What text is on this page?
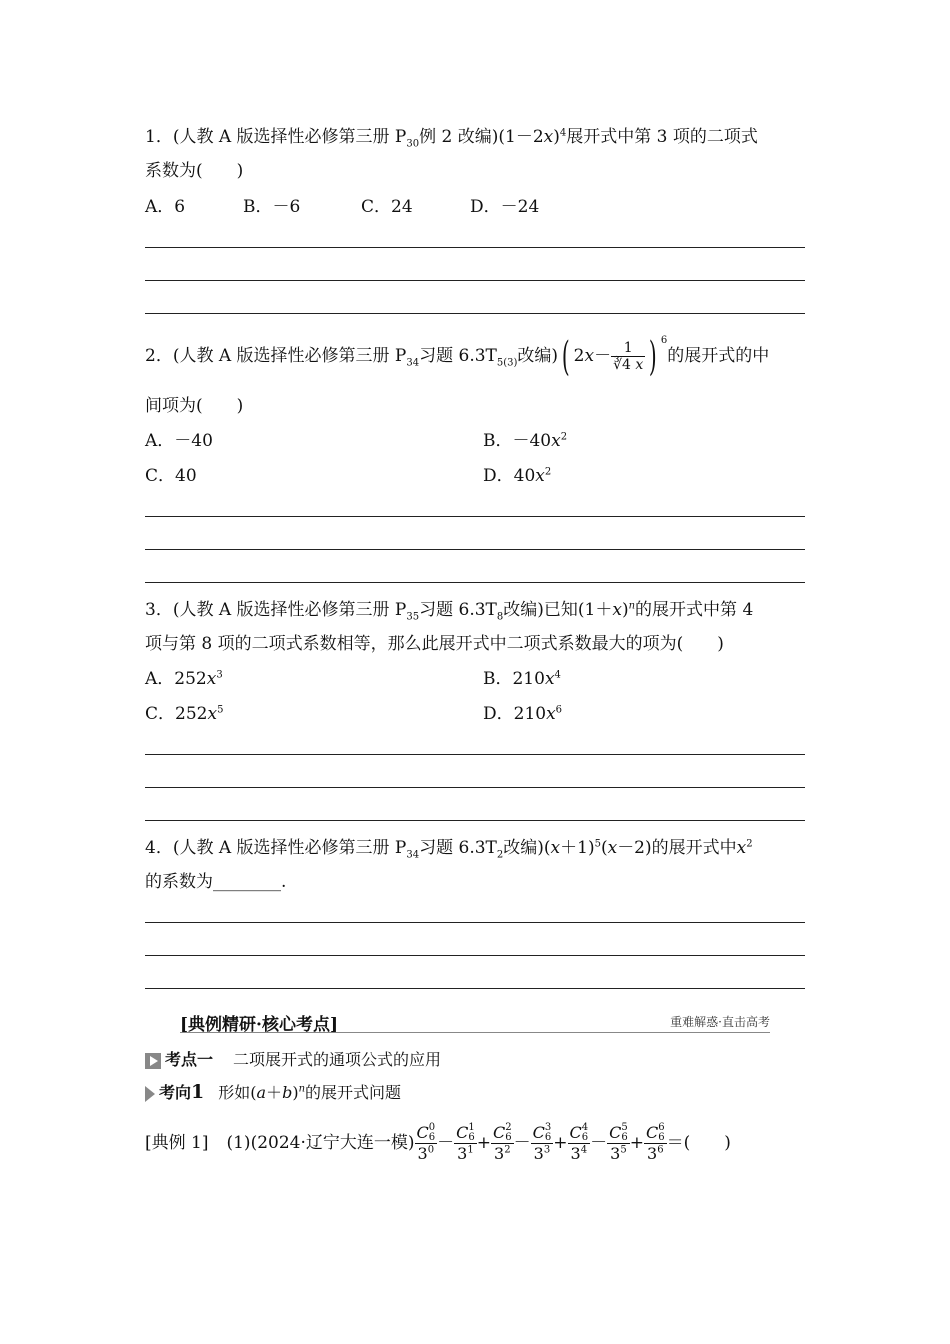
1．(人教 A 版选择性必修第三册 $P_{30}$例 2 改编)$(1-2x)^4$展开式中第 3 项的二项式
系数为(　　)
A．6	B．－6	C．24	D．－24
2．(人教 A 版选择性必修第三册 $P_{34}$习题 $6.3T_{5(3)}$改编)( $2x- \frac{1}{∛4 x}$ ) $^6$的展开式的中
间项为(　　)
A．－40	B．$-40x^2$
C．40	D．$40x^2$
3．(人教 A 版选择性必修第三册 $P_{35}$习题 $6.3T_8$改编)已知$(1+x)^n$的展开式中第 4
项与第 8 项的二项式系数相等，那么此展开式中二项式系数最大的项为(　　)
A．$252x^3$	B．$210x^4$
C．$252x^5$	D．$210x^6$
4．(人教 A 版选择性必修第三册 $P_{34}$习题 $6.3T_2$改编)$(x+1)^5(x-2)$的展开式中$x^2$
的系数为________.
[典例精研·核心考点]	重难解惑·直击高考
考点一 二项展开式的通项公式的应用
考向1 形如$(a+b)^n$的展开式问题
[典例 1] (1)(2024·辽宁大连一模) C 0
6
$3^0 - C$ 1
6
$3^1 + C$ 2
6
$3^2 - C$ 3
6
$3^3 + C$ 4
6
$3^4 - C$ 5
6
$3^5 + C$ 6
6
$3^6$ ＝(　　)
